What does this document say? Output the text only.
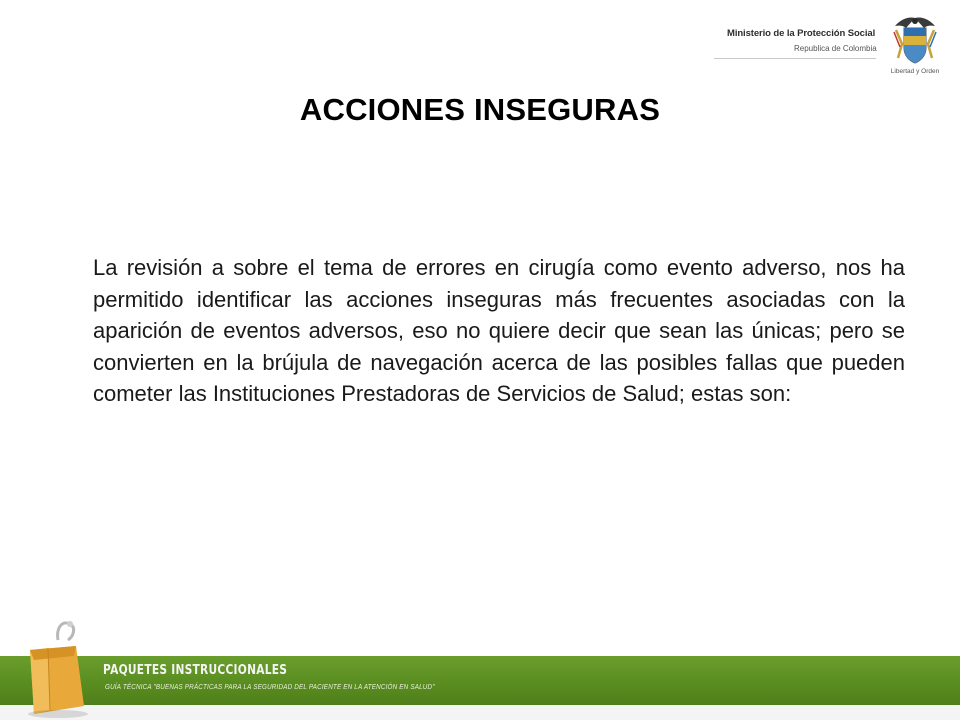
Ministerio de la Protección Social
Republica de Colombia
Libertad y Orden
ACCIONES INSEGURAS

La revisión a sobre el tema de errores en cirugía como evento adverso, nos ha permitido identificar las acciones inseguras más frecuentes asociadas con la aparición de eventos adversos, eso no quiere decir que sean las únicas; pero se convierten en la brújula de navegación acerca de las posibles fallas que pueden cometer las Instituciones Prestadoras de Servicios de Salud; estas son:

PAQUETES INSTRUCCIONALES
GUÍA TÉCNICA "BUENAS PRÁCTICAS PARA LA SEGURIDAD DEL PACIENTE EN LA ATENCIÓN EN SALUD"
